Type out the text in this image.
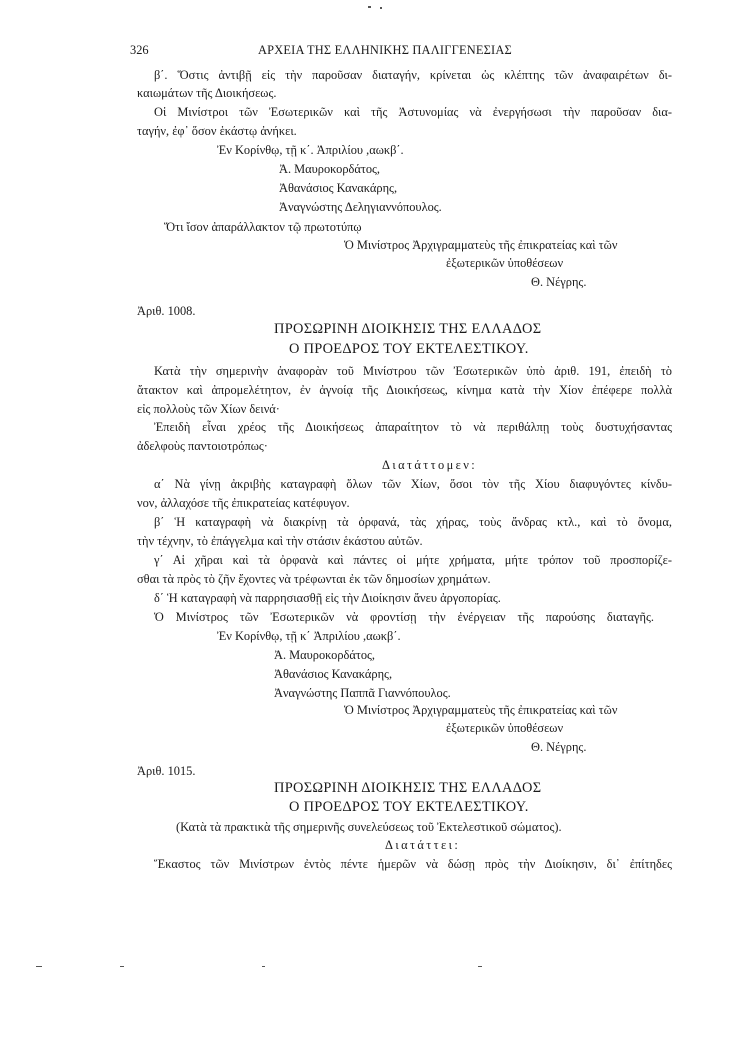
326	ΑΡΧΕΙΑ ΤΗΣ ΕΛΛΗΝΙΚΗΣ ΠΑΛΙΓΓΕΝΕΣΙΑΣ
β΄. Ὅστις ἀντιβῇ εἰς τὴν παροῦσαν διαταγήν, κρίνεται ὡς κλέπτης τῶν ἀναφαιρέτων δι-
καιωμάτων τῆς Διοικήσεως.
Οἱ Μινίστροι τῶν Ἐσωτερικῶν καὶ τῆς Ἀστυνομίας νὰ ἐνεργήσωσι τὴν παροῦσαν δια-
ταγήν, ἐφ᾽ ὅσον ἑκάστῳ ἀνήκει.
Ἐν Κορίνθῳ, τῇ κ΄. Ἀπριλίου ,αωκβ΄.
Ἀ. Μαυροκορδάτος,
Ἀθανάσιος Κανακάρης,
Ἀναγνώστης Δεληγιαννόπουλος.
Ὅτι ἴσον ἀπαράλλακτον τῷ πρωτοτύπῳ
Ὁ Μινίστρος Ἀρχιγραμματεὺς τῆς ἐπικρατείας καὶ τῶν
ἐξωτερικῶν ὑποθέσεων
Θ. Νέγρης.
Ἀριθ. 1008.
ΠΡΟΣΩΡΙΝΗ ΔΙΟΙΚΗΣΙΣ ΤΗΣ ΕΛΛΑΔΟΣ
Ο ΠΡΟΕΔΡΟΣ ΤΟΥ ΕΚΤΕΛΕΣΤΙΚΟΥ.
Κατὰ τὴν σημερινὴν ἀναφορὰν τοῦ Μινίστρου τῶν Ἐσωτερικῶν ὑπὸ ἀριθ. 191, ἐπειδὴ τὸ
ἄτακτον καὶ ἀπρομελέτητον, ἐν ἀγνοίᾳ τῆς Διοικήσεως, κίνημα κατὰ τὴν Χίον ἐπέφερε πολλὰ
εἰς πολλοὺς τῶν Χίων δεινά·
Ἐπειδὴ εἶναι χρέος τῆς Διοικήσεως ἀπαραίτητον τὸ νὰ περιθάλπῃ τοὺς δυστυχήσαντας
ἀδελφοὺς παντοιοτρόπως·
Διατάττομεν:
α΄ Νὰ γίνῃ ἀκριβὴς καταγραφὴ ὅλων τῶν Χίων, ὅσοι τὸν τῆς Χίου διαφυγόντες κίνδυ-
νον, ἀλλαχόσε τῆς ἐπικρατείας κατέφυγον.
β΄ Ἡ καταγραφὴ νὰ διακρίνῃ τὰ ὀρφανά, τὰς χήρας, τοὺς ἄνδρας κτλ., καὶ τὸ ὄνομα,
τὴν τέχνην, τὸ ἐπάγγελμα καὶ τὴν στάσιν ἑκάστου αὐτῶν.
γ΄ Αἱ χῆραι καὶ τὰ ὀρφανὰ καὶ πάντες οἱ μήτε χρήματα, μήτε τρόπον τοῦ προσπορίζε-
σθαι τὰ πρὸς τὸ ζῆν ἔχοντες νὰ τρέφωνται ἐκ τῶν δημοσίων χρημάτων.
δ΄ Ἡ καταγραφὴ νὰ παρρησιασθῇ εἰς τὴν Διοίκησιν ἄνευ ἀργοπορίας.
Ὁ Μινίστρος τῶν Ἐσωτερικῶν νὰ φροντίσῃ τὴν ἐνέργειαν τῆς παρούσης διαταγῆς.
Ἐν Κορίνθῳ, τῇ κ΄ Ἀπριλίου ,αωκβ΄.
Ἀ. Μαυροκορδάτος,
Ἀθανάσιος Κανακάρης,
Ἀναγνώστης Παππᾶ Γιαννόπουλος.
Ὁ Μινίστρος Ἀρχιγραμματεὺς τῆς ἐπικρατείας καὶ τῶν
ἐξωτερικῶν ὑποθέσεων
Θ. Νέγρης.
Ἀριθ. 1015.
ΠΡΟΣΩΡΙΝΗ ΔΙΟΙΚΗΣΙΣ ΤΗΣ ΕΛΛΑΔΟΣ
Ο ΠΡΟΕΔΡΟΣ ΤΟΥ ΕΚΤΕΛΕΣΤΙΚΟΥ.
(Κατὰ τὰ πρακτικὰ τῆς σημερινῆς συνελεύσεως τοῦ Ἐκτελεστικοῦ σώματος).
Διατάττει:
Ἕκαστος τῶν Μινίστρων ἐντὸς πέντε ἡμερῶν νὰ δώσῃ πρὸς τὴν Διοίκησιν, δι᾽ ἐπίτηδες
